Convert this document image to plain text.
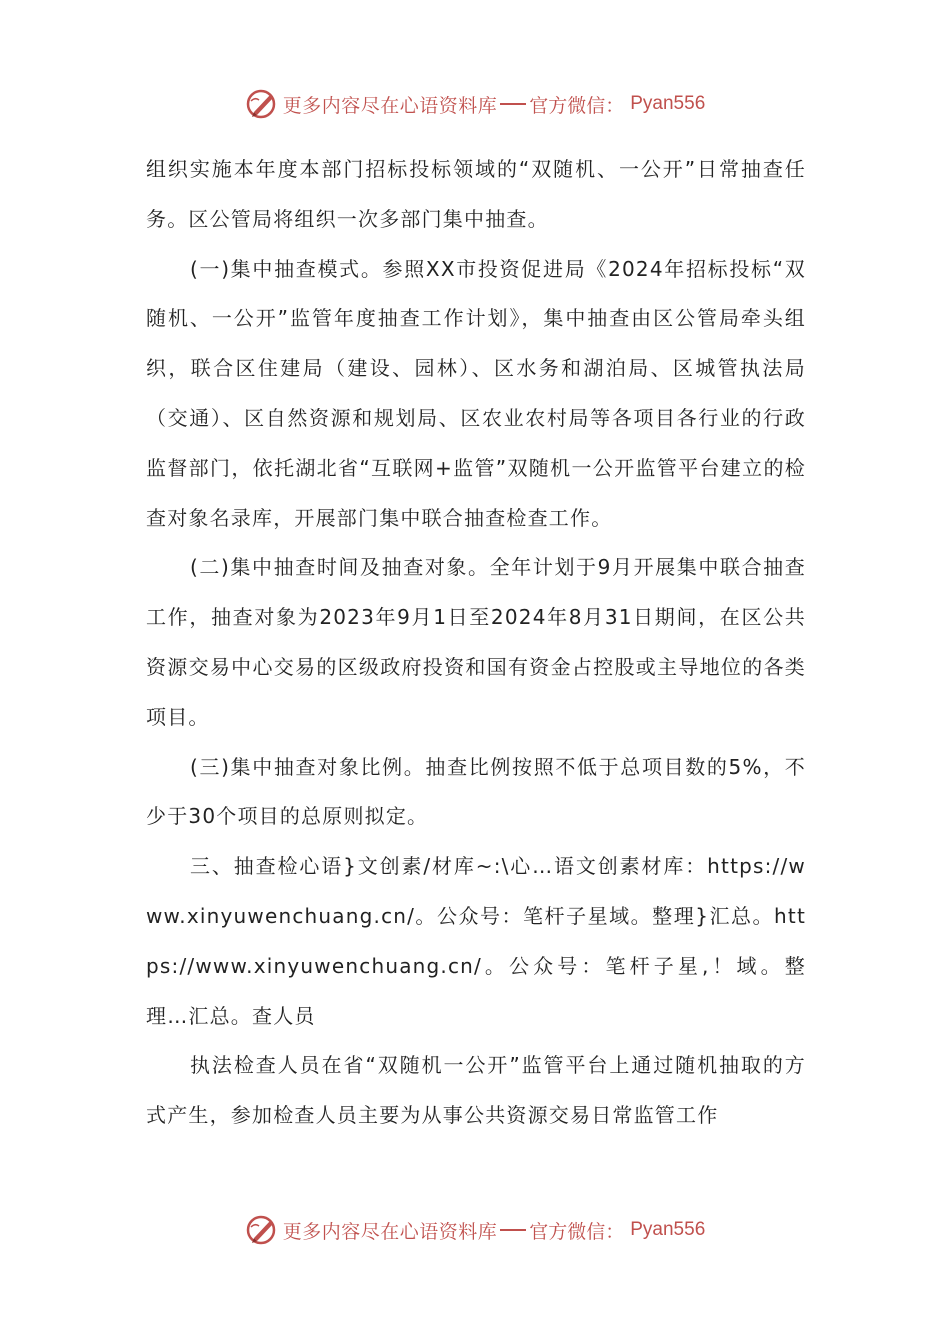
更多内容尽在心语资料库 官方微信： Pyan556

组织实施本年度本部门招标投标领域的“双随机、一公开”日常抽查任务。区公管局将组织一次多部门集中抽查。

(一)集中抽查模式。参照XX市投资促进局《2024年招标投标“双随机、一公开”监管年度抽查工作计划》，集中抽查由区公管局牵头组织，联合区住建局（建设、园林）、区水务和湖泊局、区城管执法局（交通）、区自然资源和规划局、区农业农村局等各项目各行业的行政监督部门，依托湖北省“互联网+监管”双随机一公开监管平台建立的检查对象名录库，开展部门集中联合抽查检查工作。

(二)集中抽查时间及抽查对象。全年计划于9月开展集中联合抽查工作，抽查对象为2023年9月1日至2024年8月31日期间，在区公共资源交易中心交易的区级政府投资和国有资金占控股或主导地位的各类项目。

(三)集中抽查对象比例。抽查比例按照不低于总项目数的5%，不少于30个项目的总原则拟定。

三、抽查检心语}文创素/材库~:\心…语文创素材库：https://www.xinyuwenchuang.cn/。公众号：笔杆子星域。整理}汇总。https://www.xinyuwenchuang.cn/。公众号：笔杆子星,！域。整理…汇总。查人员

执法检查人员在省“双随机一公开”监管平台上通过随机抽取的方式产生，参加检查人员主要为从事公共资源交易日常监管工作

更多内容尽在心语资料库 官方微信： Pyan556
